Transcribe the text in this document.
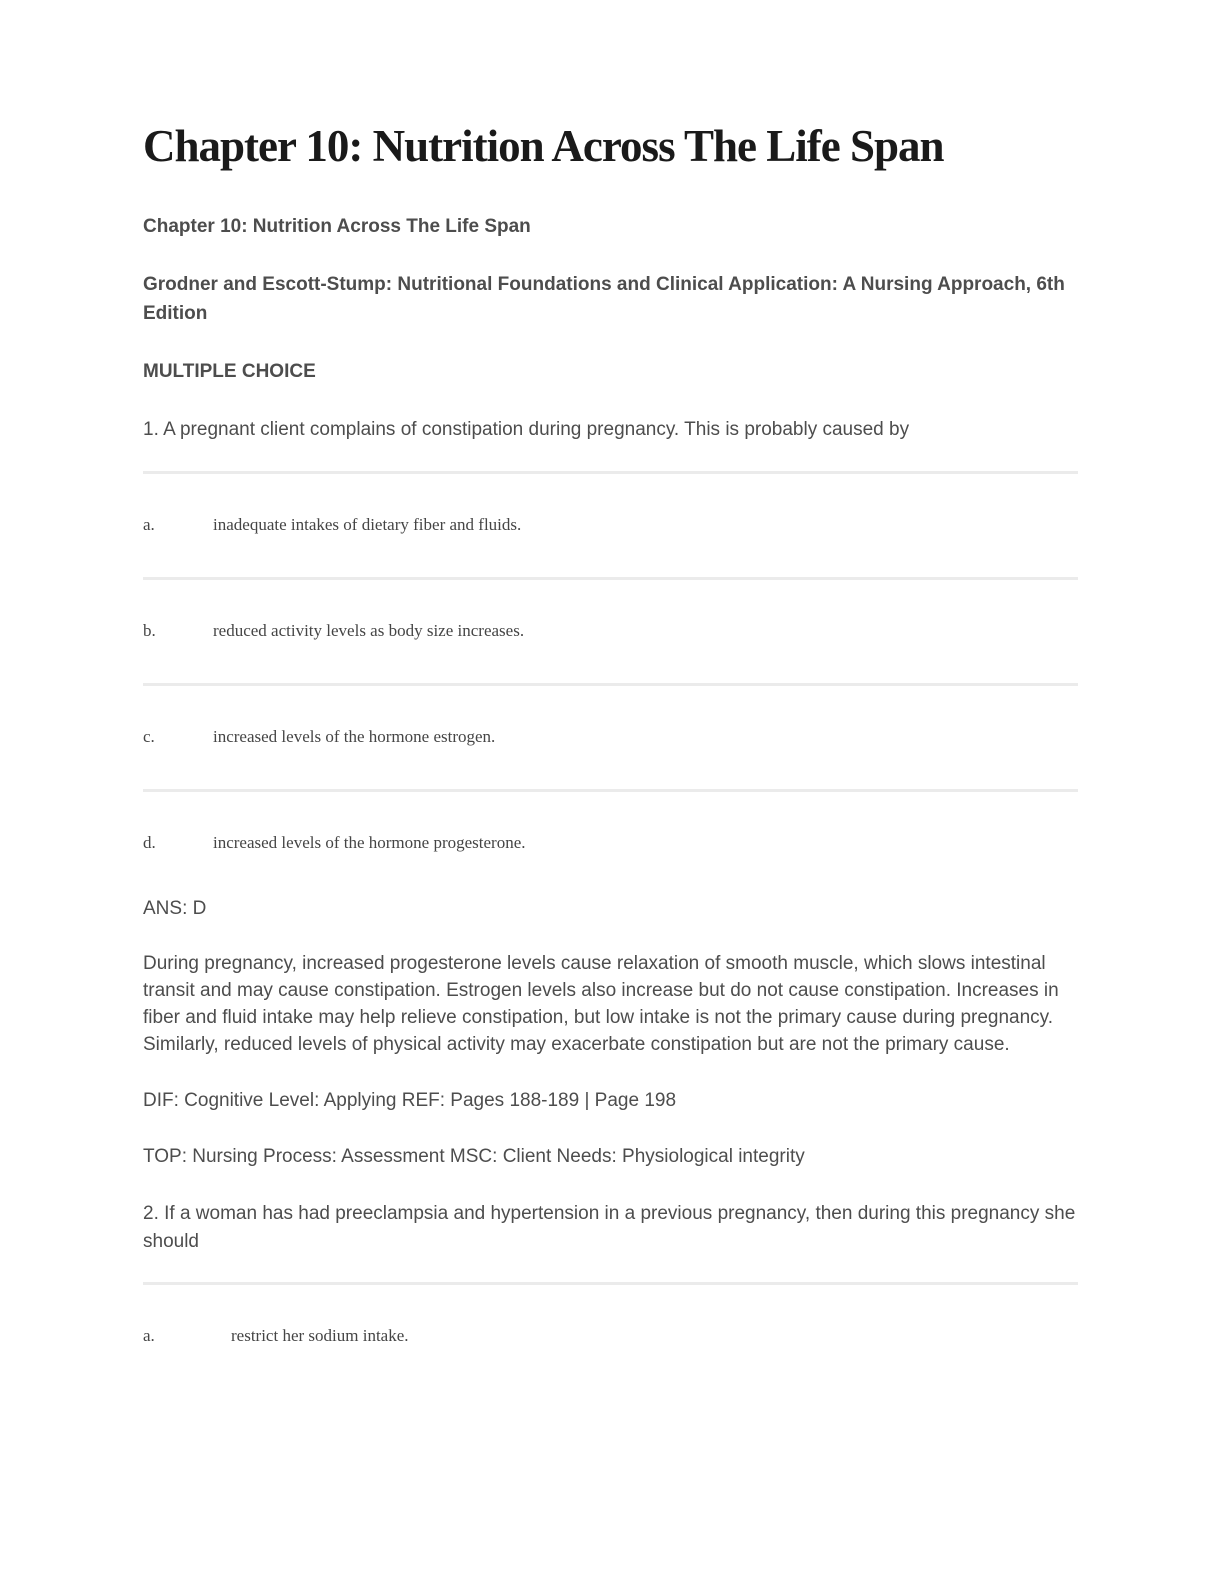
Chapter 10: Nutrition Across The Life Span

Chapter 10: Nutrition Across The Life Span

Grodner and Escott-Stump: Nutritional Foundations and Clinical Application: A Nursing Approach, 6th Edition

MULTIPLE CHOICE

1. A pregnant client complains of constipation during pregnancy. This is probably caused by

a.	inadequate intakes of dietary fiber and fluids.
b.	reduced activity levels as body size increases.
c.	increased levels of the hormone estrogen.
d.	increased levels of the hormone progesterone.

ANS: D

During pregnancy, increased progesterone levels cause relaxation of smooth muscle, which slows intestinal transit and may cause constipation. Estrogen levels also increase but do not cause constipation. Increases in fiber and fluid intake may help relieve constipation, but low intake is not the primary cause during pregnancy. Similarly, reduced levels of physical activity may exacerbate constipation but are not the primary cause.

DIF: Cognitive Level: Applying REF: Pages 188-189 | Page 198

TOP: Nursing Process: Assessment MSC: Client Needs: Physiological integrity

2. If a woman has had preeclampsia and hypertension in a previous pregnancy, then during this pregnancy she should

a.	restrict her sodium intake.
